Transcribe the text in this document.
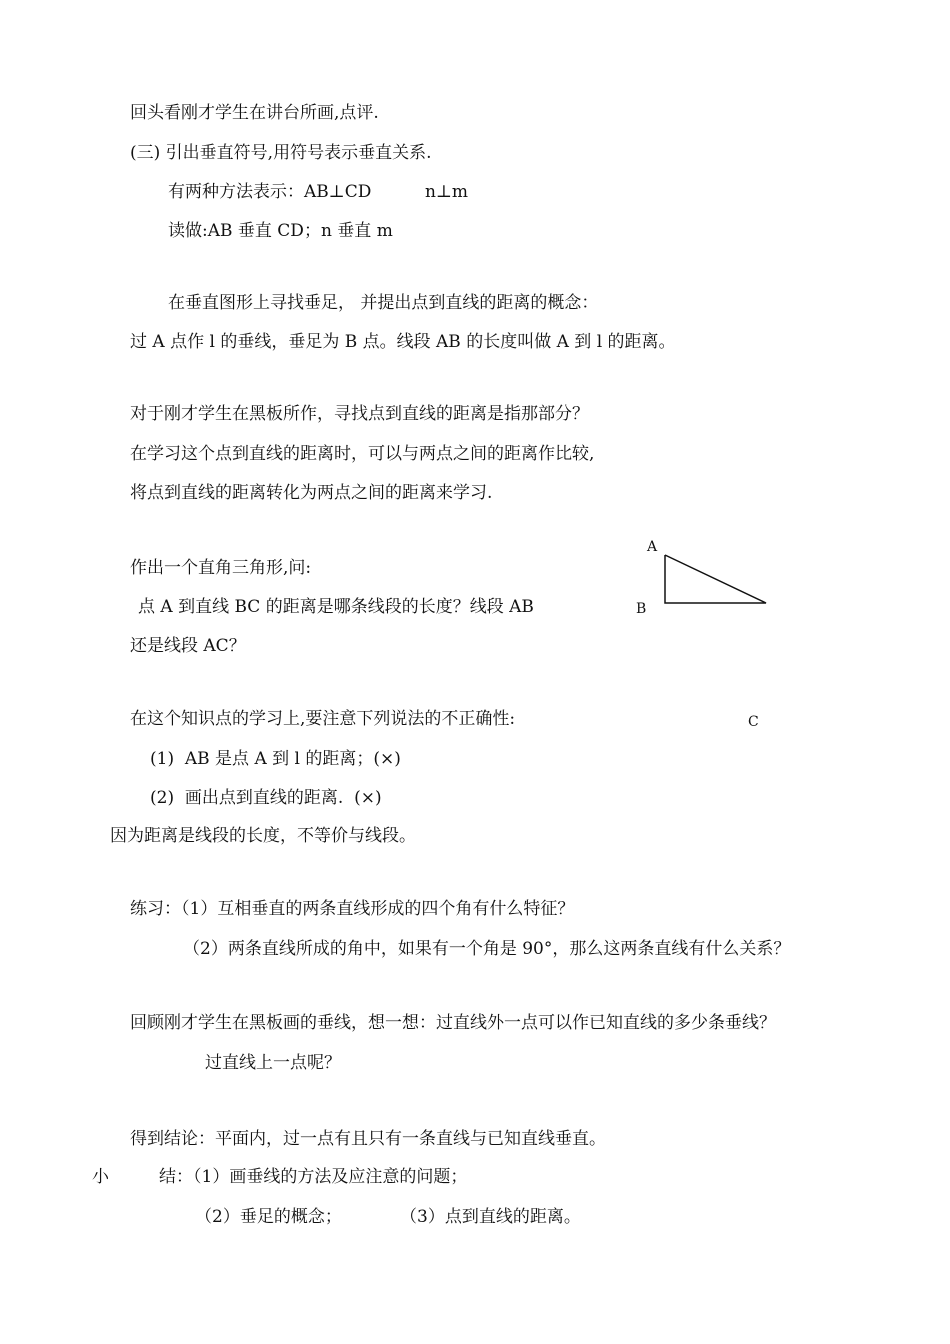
回头看刚才学生在讲台所画,点评.
(三) 引出垂直符号,用符号表示垂直关系.
有两种方法表示：AB⊥CD	n⊥m
读做:AB 垂直 CD；n 垂直 m
在垂直图形上寻找垂足， 并提出点到直线的距离的概念：
过 A 点作 l 的垂线，垂足为 B 点。线段 AB 的长度叫做 A 到 l 的距离。
对于刚才学生在黑板所作，寻找点到直线的距离是指那部分？
在学习这个点到直线的距离时，可以与两点之间的距离作比较,
将点到直线的距离转化为两点之间的距离来学习.
作出一个直角三角形,问:
点 A 到直线 BC 的距离是哪条线段的长度？线段 AB
还是线段 AC？
在这个知识点的学习上,要注意下列说法的不正确性:
(1)  AB 是点 A 到 l 的距离；(×)
(2)  画出点到直线的距离.  (×)
因为距离是线段的长度，不等价与线段。
练习：（1）互相垂直的两条直线形成的四个角有什么特征？
（2）两条直线所成的角中，如果有一个角是 90°，那么这两条直线有什么关系？
回顾刚才学生在黑板画的垂线，想一想：过直线外一点可以作已知直线的多少条垂线？
过直线上一点呢？
得到结论：平面内，过一点有且只有一条直线与已知直线垂直。
小	结：（1）画垂线的方法及应注意的问题；
（2）垂足的概念；	（3）点到直线的距离。
A
B
C
